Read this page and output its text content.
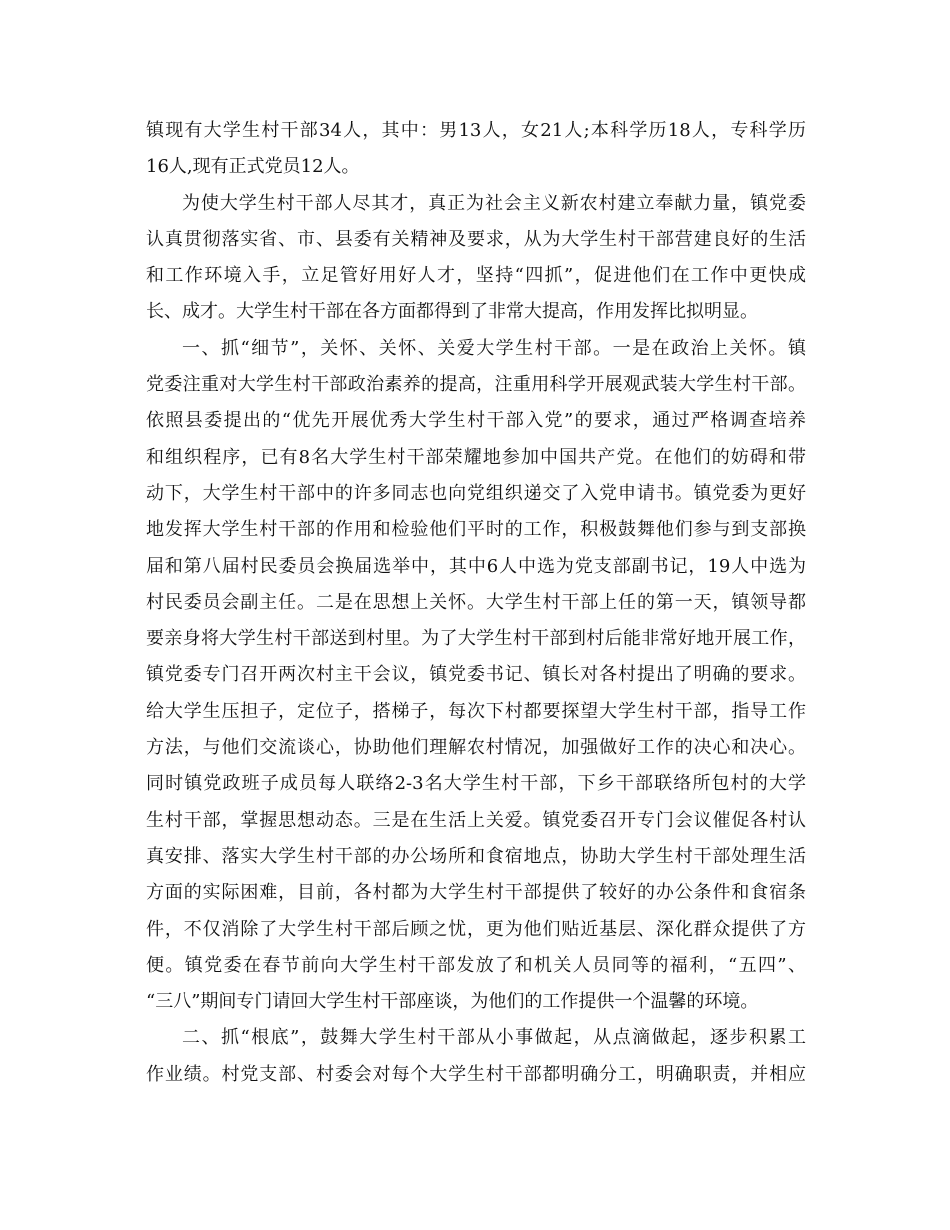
镇现有大学生村干部34人，其中：男13人，女21人;本科学历18人，专科学历
16人,现有正式党员12人。
为使大学生村干部人尽其才，真正为社会主义新农村建立奉献力量，镇党委
认真贯彻落实省、市、县委有关精神及要求，从为大学生村干部营建良好的生活
和工作环境入手，立足管好用好人才，坚持“四抓”，促进他们在工作中更快成
长、成才。大学生村干部在各方面都得到了非常大提高，作用发挥比拟明显。
一、抓“细节”，关怀、关怀、关爱大学生村干部。一是在政治上关怀。镇
党委注重对大学生村干部政治素养的提高，注重用科学开展观武装大学生村干部。
依照县委提出的“优先开展优秀大学生村干部入党”的要求，通过严格调查培养
和组织程序，已有8名大学生村干部荣耀地参加中国共产党。在他们的妨碍和带
动下，大学生村干部中的许多同志也向党组织递交了入党申请书。镇党委为更好
地发挥大学生村干部的作用和检验他们平时的工作，积极鼓舞他们参与到支部换
届和第八届村民委员会换届选举中，其中6人中选为党支部副书记，19人中选为
村民委员会副主任。二是在思想上关怀。大学生村干部上任的第一天，镇领导都
要亲身将大学生村干部送到村里。为了大学生村干部到村后能非常好地开展工作，
镇党委专门召开两次村主干会议，镇党委书记、镇长对各村提出了明确的要求。
给大学生压担子，定位子，搭梯子，每次下村都要探望大学生村干部，指导工作
方法，与他们交流谈心，协助他们理解农村情况，加强做好工作的决心和决心。
同时镇党政班子成员每人联络2-3名大学生村干部，下乡干部联络所包村的大学
生村干部，掌握思想动态。三是在生活上关爱。镇党委召开专门会议催促各村认
真安排、落实大学生村干部的办公场所和食宿地点，协助大学生村干部处理生活
方面的实际困难，目前，各村都为大学生村干部提供了较好的办公条件和食宿条
件，不仅消除了大学生村干部后顾之忧，更为他们贴近基层、深化群众提供了方
便。镇党委在春节前向大学生村干部发放了和机关人员同等的福利，“五四”、
“三八”期间专门请回大学生村干部座谈，为他们的工作提供一个温馨的环境。
二、抓“根底”，鼓舞大学生村干部从小事做起，从点滴做起，逐步积累工
作业绩。村党支部、村委会对每个大学生村干部都明确分工，明确职责，并相应
